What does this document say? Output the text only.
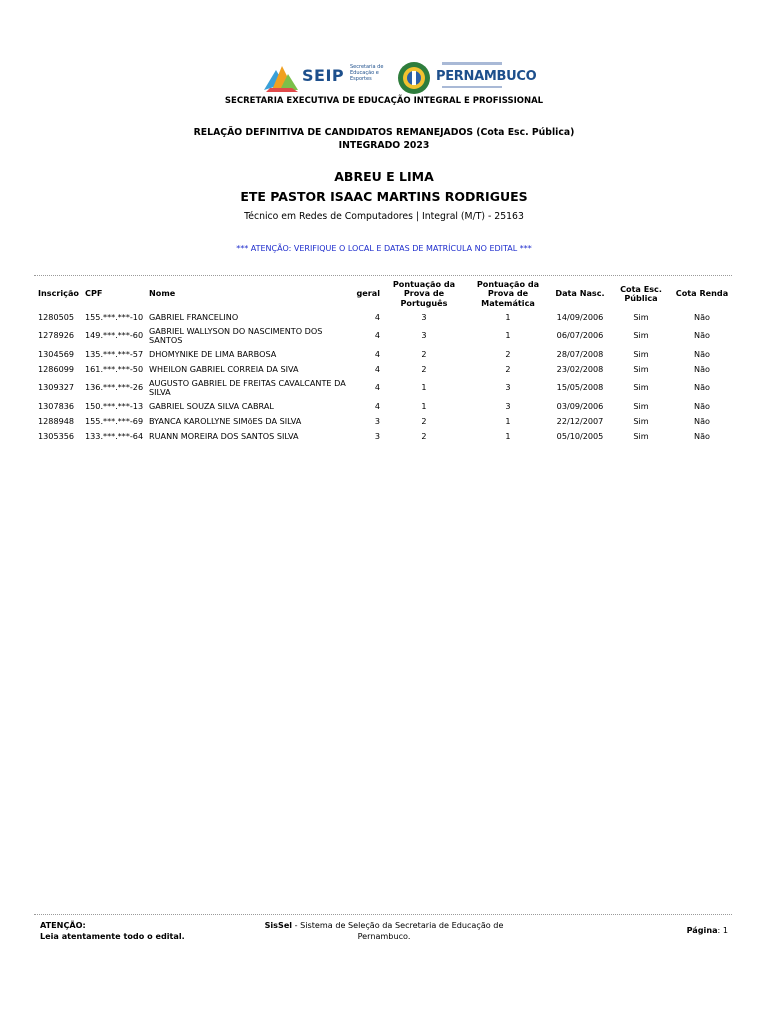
SEIP Secretaria de Educação e Esportes	PERNAMBUCO
SECRETARIA EXECUTIVA DE EDUCAÇÃO INTEGRAL E PROFISSIONAL
RELAÇÃO DEFINITIVA DE CANDIDATOS REMANEJADOS (Cota Esc. Pública)
INTEGRADO 2023
ABREU E LIMA
ETE PASTOR ISAAC MARTINS RODRIGUES
Técnico em Redes de Computadores | Integral (M/T) - 25163
*** ATENÇÃO: VERIFIQUE O LOCAL E DATAS DE MATRÍCULA NO EDITAL ***
Inscrição	CPF	Nome	geral	Pontuação da Prova de Português	Pontuação da Prova de Matemática	Data Nasc.	Cota Esc. Pública	Cota Renda
1280505	155.***.***-10	GABRIEL FRANCELINO	4	3	1	14/09/2006	Sim	Não
1278926	149.***.***-60	GABRIEL WALLYSON DO NASCIMENTO DOS SANTOS	4	3	1	06/07/2006	Sim	Não
1304569	135.***.***-57	DHOMYNIKE DE LIMA BARBOSA	4	2	2	28/07/2008	Sim	Não
1286099	161.***.***-50	WHEILON GABRIEL CORREIA DA SIVA	4	2	2	23/02/2008	Sim	Não
1309327	136.***.***-26	AUGUSTO GABRIEL DE FREITAS CAVALCANTE DA SILVA	4	1	3	15/05/2008	Sim	Não
1307836	150.***.***-13	GABRIEL SOUZA SILVA CABRAL	4	1	3	03/09/2006	Sim	Não
1288948	155.***.***-69	BYANCA KAROLLYNE SIMõES DA SILVA	3	2	1	22/12/2007	Sim	Não
1305356	133.***.***-64	RUANN MOREIRA DOS SANTOS SILVA	3	2	1	05/10/2005	Sim	Não
ATENÇÃO:
Leia atentamente todo o edital.
SisSel - Sistema de Seleção da Secretaria de Educação de Pernambuco.
Página: 1
